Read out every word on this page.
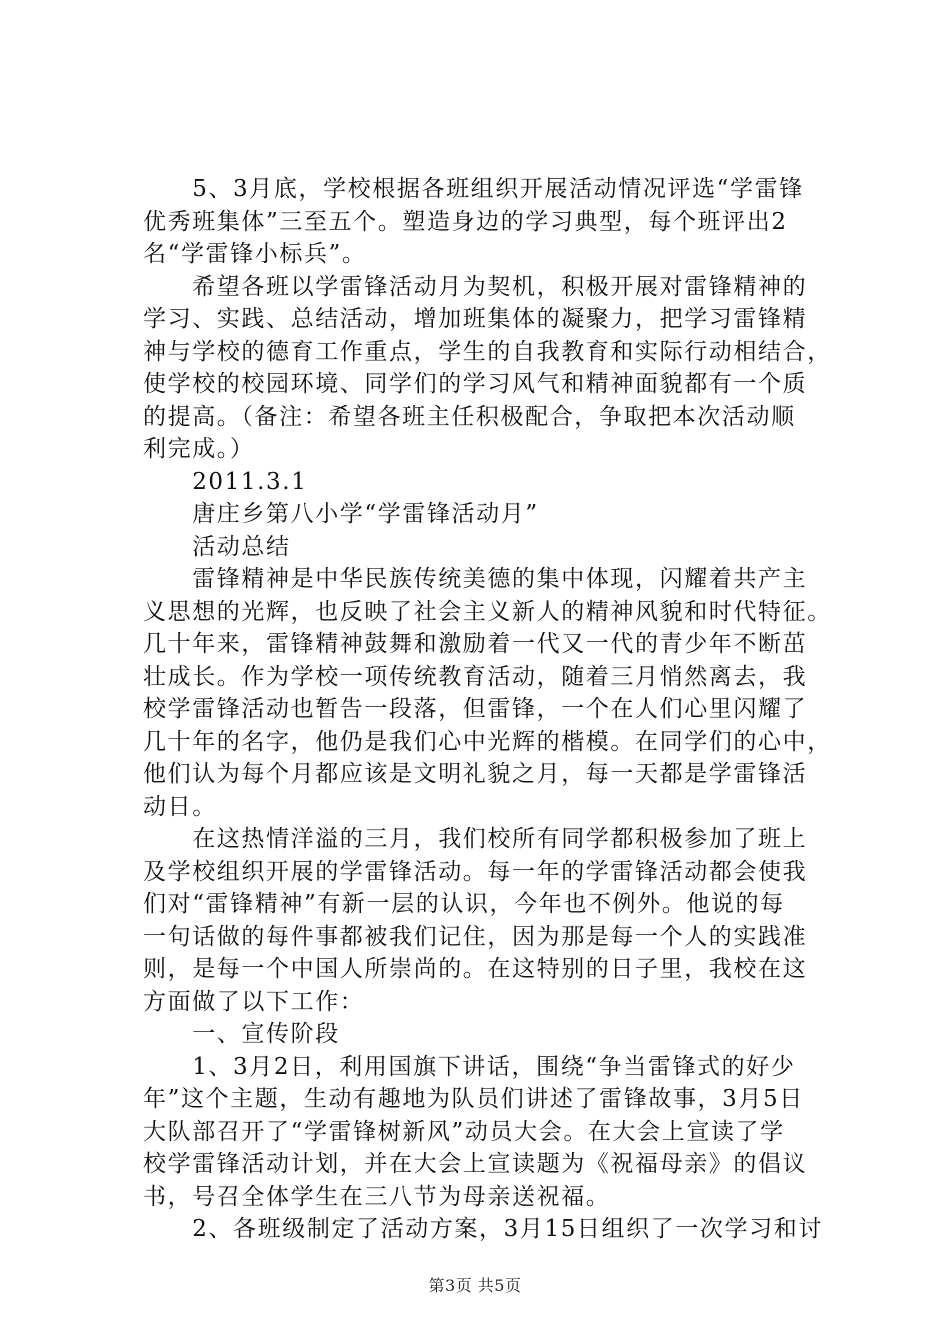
　　5、3月底，学校根据各班组织开展活动情况评选“学雷锋
优秀班集体”三至五个。塑造身边的学习典型，每个班评出2
名“学雷锋小标兵”。
　　希望各班以学雷锋活动月为契机，积极开展对雷锋精神的
学习、实践、总结活动，增加班集体的凝聚力，把学习雷锋精
神与学校的德育工作重点，学生的自我教育和实际行动相结合，
使学校的校园环境、同学们的学习风气和精神面貌都有一个质
的提高。（备注：希望各班主任积极配合，争取把本次活动顺
利完成。）
　　2011.3.1
　　唐庄乡第八小学“学雷锋活动月”
　　活动总结
　　雷锋精神是中华民族传统美德的集中体现，闪耀着共产主
义思想的光辉，也反映了社会主义新人的精神风貌和时代特征。
几十年来，雷锋精神鼓舞和激励着一代又一代的青少年不断茁
壮成长。作为学校一项传统教育活动，随着三月悄然离去，我
校学雷锋活动也暂告一段落，但雷锋，一个在人们心里闪耀了
几十年的名字，他仍是我们心中光辉的楷模。在同学们的心中，
他们认为每个月都应该是文明礼貌之月，每一天都是学雷锋活
动日。
　　在这热情洋溢的三月，我们校所有同学都积极参加了班上
及学校组织开展的学雷锋活动。每一年的学雷锋活动都会使我
们对“雷锋精神”有新一层的认识，今年也不例外。他说的每
一句话做的每件事都被我们记住，因为那是每一个人的实践准
则，是每一个中国人所崇尚的。在这特别的日子里，我校在这
方面做了以下工作：
　　一、宣传阶段
　　1、3月2日，利用国旗下讲话，围绕“争当雷锋式的好少
年”这个主题，生动有趣地为队员们讲述了雷锋故事，3月5日
大队部召开了“学雷锋树新风”动员大会。在大会上宣读了学
校学雷锋活动计划，并在大会上宣读题为《祝福母亲》的倡议
书，号召全体学生在三八节为母亲送祝福。
　　2、各班级制定了活动方案，3月15日组织了一次学习和讨
第3页 共5页
